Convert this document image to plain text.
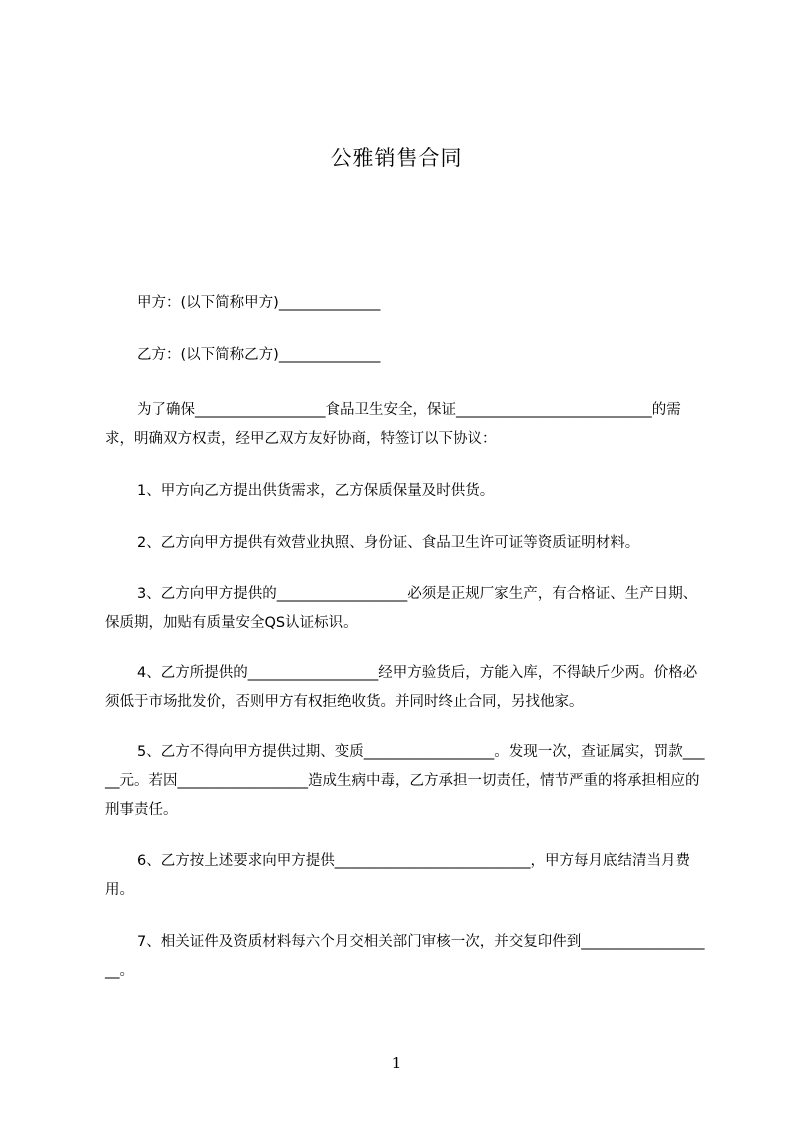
公雅销售合同
甲方：(以下简称甲方)______________
乙方：(以下简称乙方)______________
为了确保__________________食品卫生安全，保证___________________________的需求，明确双方权责，经甲乙双方友好协商，特签订以下协议：
1、甲方向乙方提出供货需求，乙方保质保量及时供货。
2、乙方向甲方提供有效营业执照、身份证、食品卫生许可证等资质证明材料。
3、乙方向甲方提供的__________________必须是正规厂家生产，有合格证、生产日期、保质期，加贴有质量安全QS认证标识。
4、乙方所提供的__________________经甲方验货后，方能入库，不得缺斤少两。价格必须低于市场批发价，否则甲方有权拒绝收货。并同时终止合同，另找他家。
5、乙方不得向甲方提供过期、变质__________________。发现一次，查证属实，罚款_____元。若因__________________造成生病中毒，乙方承担一切责任，情节严重的将承担相应的刑事责任。
6、乙方按上述要求向甲方提供___________________________，甲方每月底结清当月费用。
7、相关证件及资质材料每六个月交相关部门审核一次，并交复印件到___________________。
1
